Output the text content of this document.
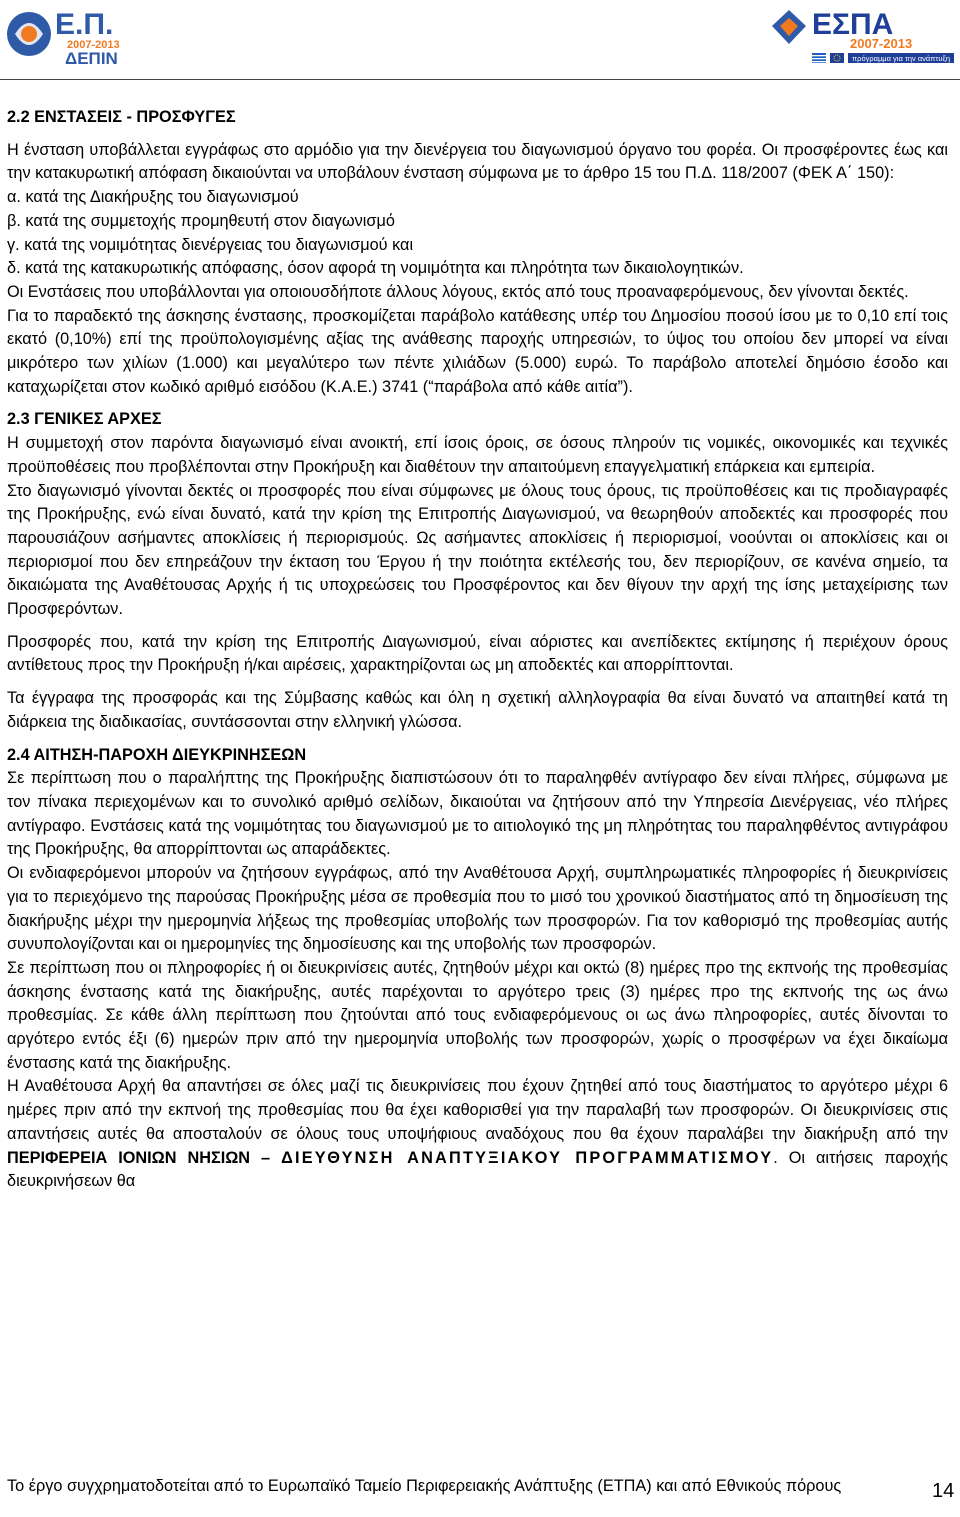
Ε.Π.
2007-2013
ΔΕΠΙΝ
ΕΣΠΑ
2007-2013
πρόγραμμα για την ανάπτυξη

2.2 ΕΝΣΤΑΣΕΙΣ - ΠΡΟΣΦΥΓΕΣ

Η ένσταση υποβάλλεται εγγράφως στο αρμόδιο για την διενέργεια του διαγωνισμού όργανο του φορέα. Οι προσφέροντες έως και την κατακυρωτική απόφαση δικαιούνται να υποβάλουν ένσταση σύμφωνα με το άρθρο 15 του Π.Δ. 118/2007 (ΦΕΚ Α΄ 150):

α. κατά της Διακήρυξης του διαγωνισμού

β. κατά της συμμετοχής προμηθευτή στον διαγωνισμό

γ. κατά της νομιμότητας διενέργειας του διαγωνισμού και

δ. κατά της κατακυρωτικής απόφασης, όσον αφορά τη νομιμότητα και πληρότητα των δικαιολογητικών.

Οι Ενστάσεις που υποβάλλονται για οποιουσδήποτε άλλους λόγους, εκτός από τους προαναφερόμενους, δεν γίνονται δεκτές.

Για το παραδεκτό της άσκησης ένστασης, προσκομίζεται παράβολο κατάθεσης υπέρ του Δημοσίου ποσού ίσου με το 0,10 επί τοις εκατό (0,10%) επί της προϋπολογισμένης αξίας της ανάθεσης παροχής υπηρεσιών, το ύψος του οποίου δεν μπορεί να είναι μικρότερο των χιλίων (1.000) και μεγαλύτερο των πέντε χιλιάδων (5.000) ευρώ. Το παράβολο αποτελεί δημόσιο έσοδο και καταχωρίζεται στον κωδικό αριθμό εισόδου (Κ.Α.Ε.) 3741 (“παράβολα από κάθε αιτία”).

2.3 ΓΕΝΙΚΕΣ ΑΡΧΕΣ

Η συμμετοχή στον παρόντα διαγωνισμό είναι ανοικτή, επί ίσοις όροις, σε όσους πληρούν τις νομικές, οικονομικές και τεχνικές προϋποθέσεις που προβλέπονται στην Προκήρυξη και διαθέτουν την απαιτούμενη επαγγελματική επάρκεια και εμπειρία.

Στο διαγωνισμό γίνονται δεκτές οι προσφορές που είναι σύμφωνες με όλους τους όρους, τις προϋποθέσεις και τις προδιαγραφές της Προκήρυξης, ενώ είναι δυνατό, κατά την κρίση της Επιτροπής Διαγωνισμού, να θεωρηθούν αποδεκτές και προσφορές που παρουσιάζουν ασήμαντες αποκλίσεις ή περιορισμούς. Ως ασήμαντες αποκλίσεις ή περιορισμοί, νοούνται οι αποκλίσεις και οι περιορισμοί που δεν επηρεάζουν την έκταση του Έργου ή την ποιότητα εκτέλεσής του, δεν περιορίζουν, σε κανένα σημείο, τα δικαιώματα της Αναθέτουσας Αρχής ή τις υποχρεώσεις του Προσφέροντος και δεν θίγουν την αρχή της ίσης μεταχείρισης των Προσφερόντων.

Προσφορές που, κατά την κρίση της Επιτροπής Διαγωνισμού, είναι αόριστες και ανεπίδεκτες εκτίμησης ή περιέχουν όρους αντίθετους προς την Προκήρυξη ή/και αιρέσεις, χαρακτηρίζονται ως μη αποδεκτές και απορρίπτονται.

Τα έγγραφα της προσφοράς και της Σύμβασης καθώς και όλη η σχετική αλληλογραφία θα είναι δυνατό να απαιτηθεί κατά τη διάρκεια της διαδικασίας, συντάσσονται στην ελληνική γλώσσα.

2.4 ΑΙΤΗΣΗ-ΠΑΡΟΧΗ ΔΙΕΥΚΡΙΝΗΣΕΩΝ

Σε περίπτωση που ο παραλήπτης της Προκήρυξης διαπιστώσουν ότι το παραληφθέν αντίγραφο δεν είναι πλήρες, σύμφωνα με τον πίνακα περιεχομένων και το συνολικό αριθμό σελίδων, δικαιούται να ζητήσουν από την Υπηρεσία Διενέργειας, νέο πλήρες αντίγραφο. Ενστάσεις κατά της νομιμότητας του διαγωνισμού με το αιτιολογικό της μη πληρότητας του παραληφθέντος αντιγράφου της Προκήρυξης, θα απορρίπτονται ως απαράδεκτες.

Οι ενδιαφερόμενοι μπορούν να ζητήσουν εγγράφως, από την Αναθέτουσα Αρχή, συμπληρωματικές πληροφορίες ή διευκρινίσεις για το περιεχόμενο της παρούσας Προκήρυξης μέσα σε προθεσμία που το μισό του χρονικού διαστήματος από τη δημοσίευση της διακήρυξης μέχρι την ημερομηνία λήξεως της προθεσμίας υποβολής των προσφορών. Για τον καθορισμό της προθεσμίας αυτής συνυπολογίζονται και οι ημερομηνίες της δημοσίευσης και της υποβολής των προσφορών.

Σε περίπτωση που οι πληροφορίες ή οι διευκρινίσεις αυτές, ζητηθούν μέχρι και οκτώ (8) ημέρες προ της εκπνοής της προθεσμίας άσκησης ένστασης κατά της διακήρυξης, αυτές παρέχονται το αργότερο τρεις (3) ημέρες προ της εκπνοής της ως άνω προθεσμίας. Σε κάθε άλλη περίπτωση που ζητούνται από τους ενδιαφερόμενους οι ως άνω πληροφορίες, αυτές δίνονται το αργότερο εντός έξι (6) ημερών πριν από την ημερομηνία υποβολής των προσφορών, χωρίς ο προσφέρων να έχει δικαίωμα ένστασης κατά της διακήρυξης.

Η Αναθέτουσα Αρχή θα απαντήσει σε όλες μαζί τις διευκρινίσεις που έχουν ζητηθεί από τους διαστήματος το αργότερο μέχρι 6 ημέρες πριν από την εκπνοή της προθεσμίας που θα έχει καθορισθεί για την παραλαβή των προσφορών. Οι διευκρινίσεις στις απαντήσεις αυτές θα αποσταλούν σε όλους τους υποψήφιους αναδόχους που θα έχουν παραλάβει την διακήρυξη από την ΠΕΡΙΦΕΡΕΙΑ ΙΟΝΙΩΝ ΝΗΣΙΩΝ – ΔΙΕΥΘΥΝΣΗ ΑΝΑΠΤΥΞΙΑΚΟΥ ΠΡΟΓΡΑΜΜΑΤΙΣΜΟΥ. Οι αιτήσεις παροχής διευκρινήσεων θα

Το έργο συγχρηματοδοτείται από το Ευρωπαϊκό Ταμείο Περιφερειακής Ανάπτυξης (ΕΤΠΑ) και από Εθνικούς πόρους	14
